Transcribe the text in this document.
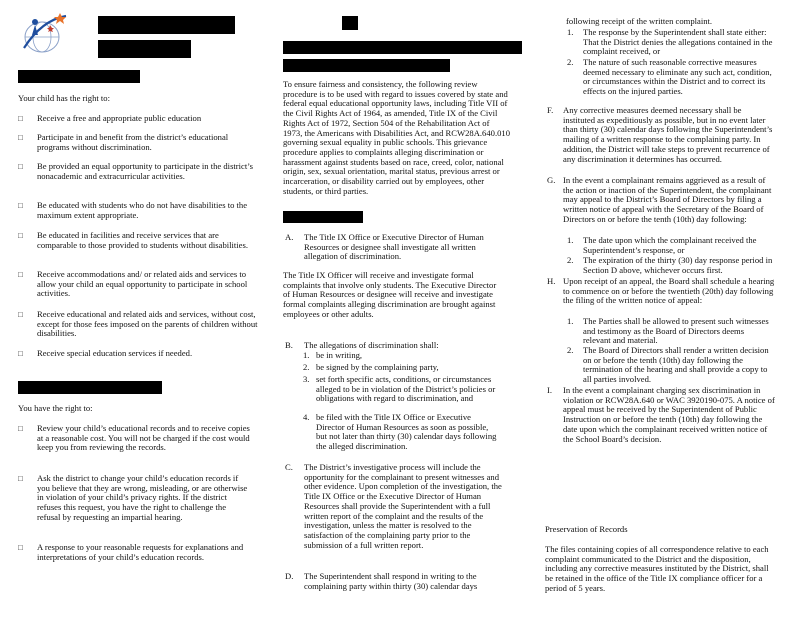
Your child has the right to:
□ Receive a free and appropriate public education
□ Participate in and benefit from the district’s educational programs without discrimination.
□ Be provided an equal opportunity to participate in the district’s nonacademic and extracurricular activities.
□ Be educated with students who do not have disabilities to the maximum extent appropriate.
□ Be educated in facilities and receive services that are comparable to those provided to students without disabilities.
□ Receive accommodations and/ or related aids and services to allow your child an equal opportunity to participate in school activities.
□ Receive educational and related aids and services, without cost, except for those fees imposed on the parents of children without disabilities.
□ Receive special education services if needed.
You have the right to:
□ Review your child’s educational records and to receive copies at a reasonable cost. You will not be charged if the cost would keep you from reviewing the records.
□ Ask the district to change your child’s education records if you believe that they are wrong, misleading, or are otherwise in violation of your child’s privacy rights. If the district refuses this request, you have the right to challenge the refusal by requesting an impartial hearing.
□ A response to your reasonable requests for explanations and interpretations of your child’s education records.
To ensure fairness and consistency, the following review procedure is to be used with regard to issues covered by state and federal equal educational opportunity laws, including Title VII of the Civil Rights Act of 1964, as amended, Title IX of the Civil Rights Act of 1972, Section 504 of the Rehabilitation Act of 1973, the Americans with Disabilities Act, and RCW28A.640.010 governing sexual equality in public schools. This grievance procedure applies to complaints alleging discrimination or harassment against students based on race, creed, color, national origin, sex, sexual orientation, marital status, previous arrest or incarceration, or disability carried out by employees, other students, or third parties.
A. The Title IX Office or Executive Director of Human Resources or designee shall investigate all written allegation of discrimination.
The Title IX Officer will receive and investigate formal complaints that involve only students. The Executive Director of Human Resources or designee will receive and investigate formal complaints alleging discrimination are brought against employees or other adults.
B. The allegations of discrimination shall:
1. be in writing,
2. be signed by the complaining party,
3. set forth specific acts, conditions, or circumstances alleged to be in violation of the District’s policies or obligations with regard to discrimination, and
4. be filed with the Title IX Office or Executive Director of Human Resources as soon as possible, but not later than thirty (30) calendar days following the alleged discrimination.
C. The District’s investigative process will include the opportunity for the complainant to present witnesses and other evidence. Upon completion of the investigation, the Title IX Office or the Executive Director of Human Resources shall provide the Superintendent with a full written report of the complaint and the results of the investigation, unless the matter is resolved to the satisfaction of the complaining party prior to the submission of a full written report.
D. The Superintendent shall respond in writing to the complaining party within thirty (30) calendar days
following receipt of the written complaint.
1. The response by the Superintendent shall state either: That the District denies the allegations contained in the complaint received, or
2. The nature of such reasonable corrective measures deemed necessary to eliminate any such act, condition, or circumstances within the District and to correct its effects on the injured parties.
F. Any corrective measures deemed necessary shall be instituted as expeditiously as possible, but in no event later than thirty (30) calendar days following the Superintendent’s mailing of a written response to the complaining party. In addition, the District will take steps to prevent recurrence of any discrimination it determines has occurred.
G. In the event a complainant remains aggrieved as a result of the action or inaction of the Superintendent, the complainant may appeal to the District’s Board of Directors by filing a written notice of appeal with the Secretary of the Board of Directors on or before the tenth (10th) day following:
1. The date upon which the complainant received the Superintendent’s response, or
2. The expiration of the thirty (30) day response period in Section D above, whichever occurs first.
H. Upon receipt of an appeal, the Board shall schedule a hearing to commence on or before the twentieth (20th) day following the filing of the written notice of appeal:
1. The Parties shall be allowed to present such witnesses and testimony as the Board of Directors deems relevant and material.
2. The Board of Directors shall render a written decision on or before the tenth (10th) day following the termination of the hearing and shall provide a copy to all parties involved.
I. In the event a complainant charging sex discrimination in violation or RCW28A.640 or WAC 3920190-075. A notice of appeal must be received by the Superintendent of Public Instruction on or before the tenth (10th) day following the date upon which the complainant received written notice of the School Board’s decision.
Preservation of Records
The files containing copies of all correspondence relative to each complaint communicated to the District and the disposition, including any corrective measures instituted by the District, shall be retained in the office of the Title IX compliance officer for a period of 5 years.
